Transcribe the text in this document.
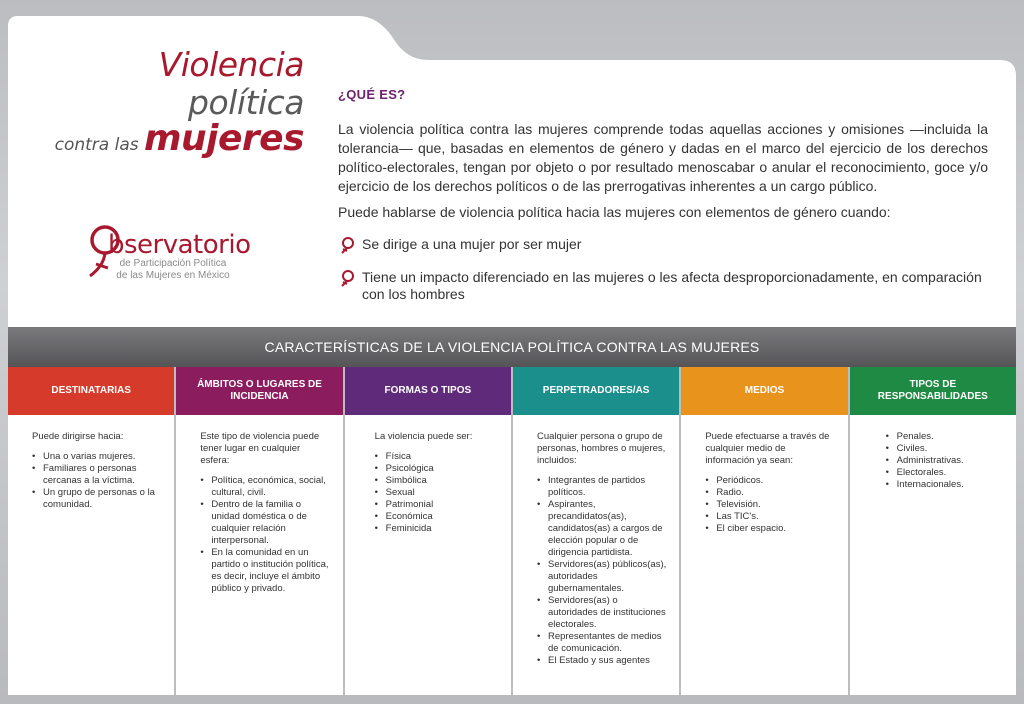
Violencia política
contra las mujeres
bservatorio
de Participación Política
de las Mujeres en México
¿QUÉ ES?

La violencia política contra las mujeres comprende todas aquellas acciones y omisiones —incluida la tolerancia— que, basadas en elementos de género y dadas en el marco del ejercicio de los derechos político-electorales, tengan por objeto o por resultado menoscabar o anular el reconocimiento, goce y/o ejercicio de los derechos políticos o de las prerrogativas inherentes a un cargo público.

Puede hablarse de violencia política hacia las mujeres con elementos de género cuando:

Se dirige a una mujer por ser mujer
Tiene un impacto diferenciado en las mujeres o les afecta desproporcionadamente, en comparación con los hombres
CARACTERÍSTICAS DE LA VIOLENCIA POLÍTICA CONTRA LAS MUJERES
DESTINATARIAS
Puede dirigirse hacia:
• Una o varias mujeres.
• Familiares o personas cercanas a la víctima.
• Un grupo de personas o la comunidad.
ÁMBITOS O LUGARES DE INCIDENCIA
Este tipo de violencia puede tener lugar en cualquier esfera:
• Política, económica, social, cultural, civil.
• Dentro de la familia o unidad doméstica o de cualquier relación interpersonal.
• En la comunidad en un partido o institución política, es decir, incluye el ámbito público y privado.
FORMAS O TIPOS
La violencia puede ser:
• Física
• Psicológica
• Simbólica
• Sexual
• Patrimonial
• Económica
• Feminicida
PERPETRADORES/AS
Cualquier persona o grupo de personas, hombres o mujeres, incluidos:
• Integrantes de partidos políticos.
• Aspirantes, precandidatos(as), candidatos(as) a cargos de elección popular o de dirigencia partidista.
• Servidores(as) públicos(as), autoridades gubernamentales.
• Servidores(as) o autoridades de instituciones electorales.
• Representantes de medios de comunicación.
• El Estado y sus agentes
MEDIOS
Puede efectuarse a través de cualquier medio de información ya sean:
• Periódicos.
• Radio.
• Televisión.
• Las TIC's.
• El ciber espacio.
TIPOS DE RESPONSABILIDADES
• Penales.
• Civiles.
• Administrativas.
• Electorales.
• Internacionales.
